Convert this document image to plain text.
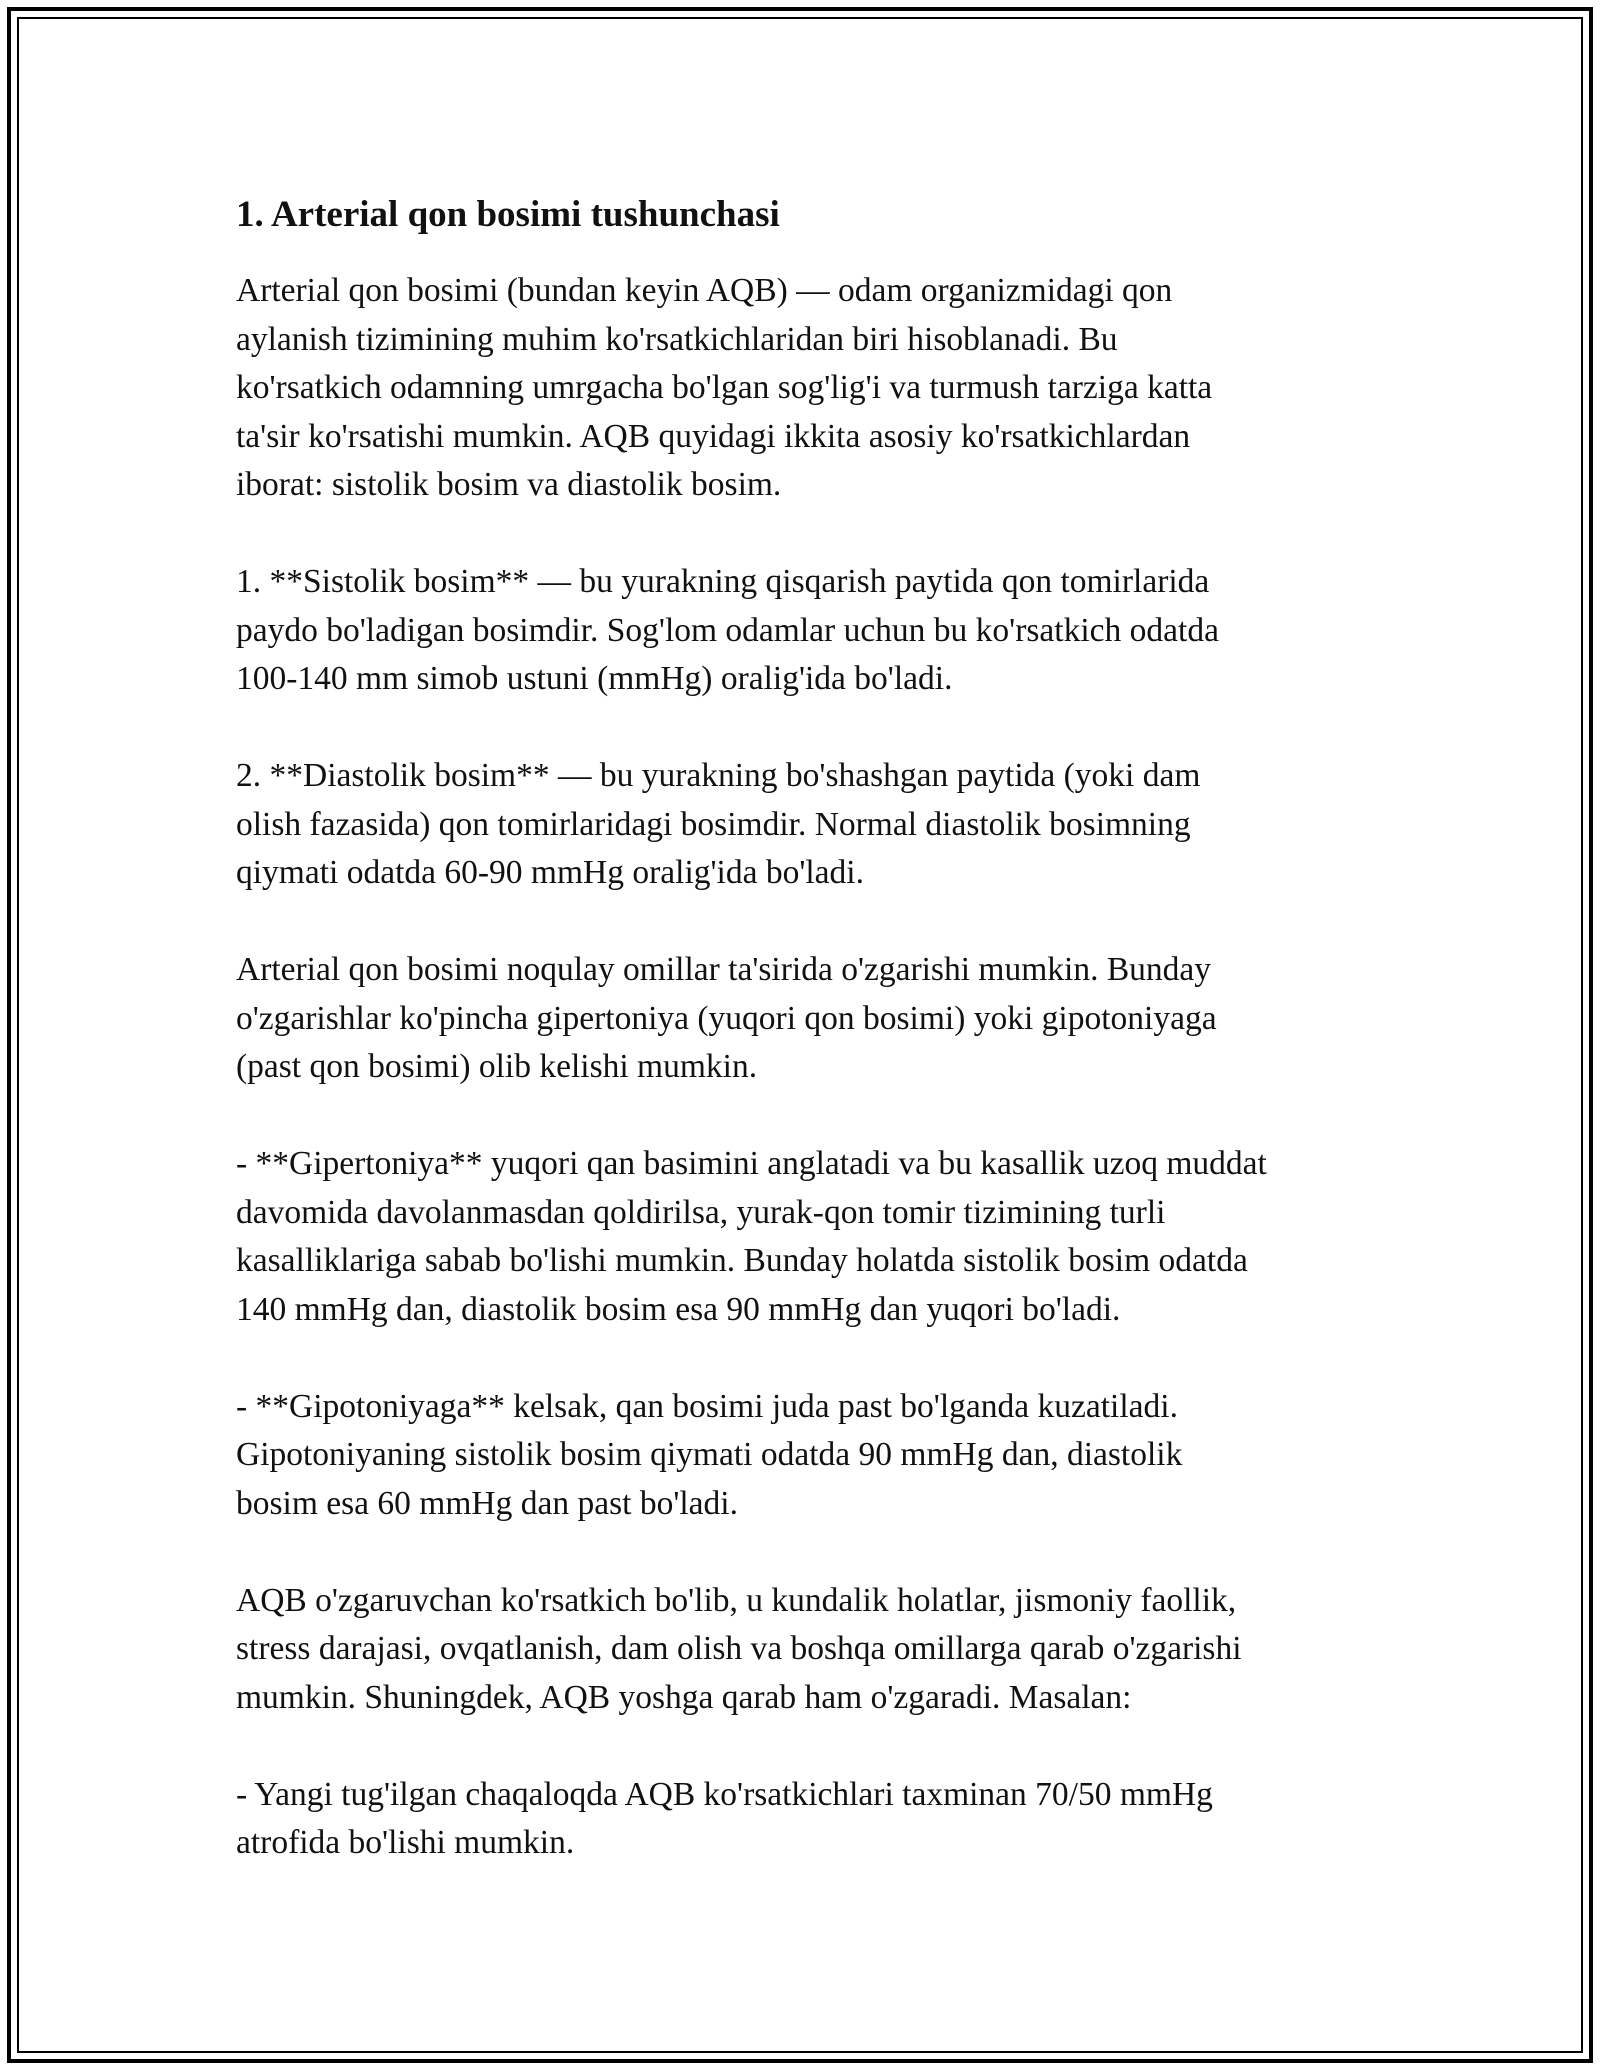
1. Arterial qon bosimi tushunchasi

Arterial qon bosimi (bundan keyin AQB) — odam organizmidagi qon
aylanish tizimining muhim ko'rsatkichlaridan biri hisoblanadi. Bu
ko'rsatkich odamning umrgacha bo'lgan sog'lig'i va turmush tarziga katta
ta'sir ko'rsatishi mumkin. AQB quyidagi ikkita asosiy ko'rsatkichlardan
iborat: sistolik bosim va diastolik bosim.

1. **Sistolik bosim** — bu yurakning qisqarish paytida qon tomirlarida
paydo bo'ladigan bosimdir. Sog'lom odamlar uchun bu ko'rsatkich odatda
100-140 mm simob ustuni (mmHg) oralig'ida bo'ladi.

2. **Diastolik bosim** — bu yurakning bo'shashgan paytida (yoki dam
olish fazasida) qon tomirlaridagi bosimdir. Normal diastolik bosimning
qiymati odatda 60-90 mmHg oralig'ida bo'ladi.

Arterial qon bosimi noqulay omillar ta'sirida o'zgarishi mumkin. Bunday
o'zgarishlar ko'pincha gipertoniya (yuqori qon bosimi) yoki gipotoniyaga
(past qon bosimi) olib kelishi mumkin.

- **Gipertoniya** yuqori qan basimini anglatadi va bu kasallik uzoq muddat
davomida davolanmasdan qoldirilsa, yurak-qon tomir tizimining turli
kasalliklariga sabab bo'lishi mumkin. Bunday holatda sistolik bosim odatda
140 mmHg dan, diastolik bosim esa 90 mmHg dan yuqori bo'ladi.

- **Gipotoniyaga** kelsak, qan bosimi juda past bo'lganda kuzatiladi.
Gipotoniyaning sistolik bosim qiymati odatda 90 mmHg dan, diastolik
bosim esa 60 mmHg dan past bo'ladi.

AQB o'zgaruvchan ko'rsatkich bo'lib, u kundalik holatlar, jismoniy faollik,
stress darajasi, ovqatlanish, dam olish va boshqa omillarga qarab o'zgarishi
mumkin. Shuningdek, AQB yoshga qarab ham o'zgaradi. Masalan:

- Yangi tug'ilgan chaqaloqda AQB ko'rsatkichlari taxminan 70/50 mmHg
atrofida bo'lishi mumkin.
